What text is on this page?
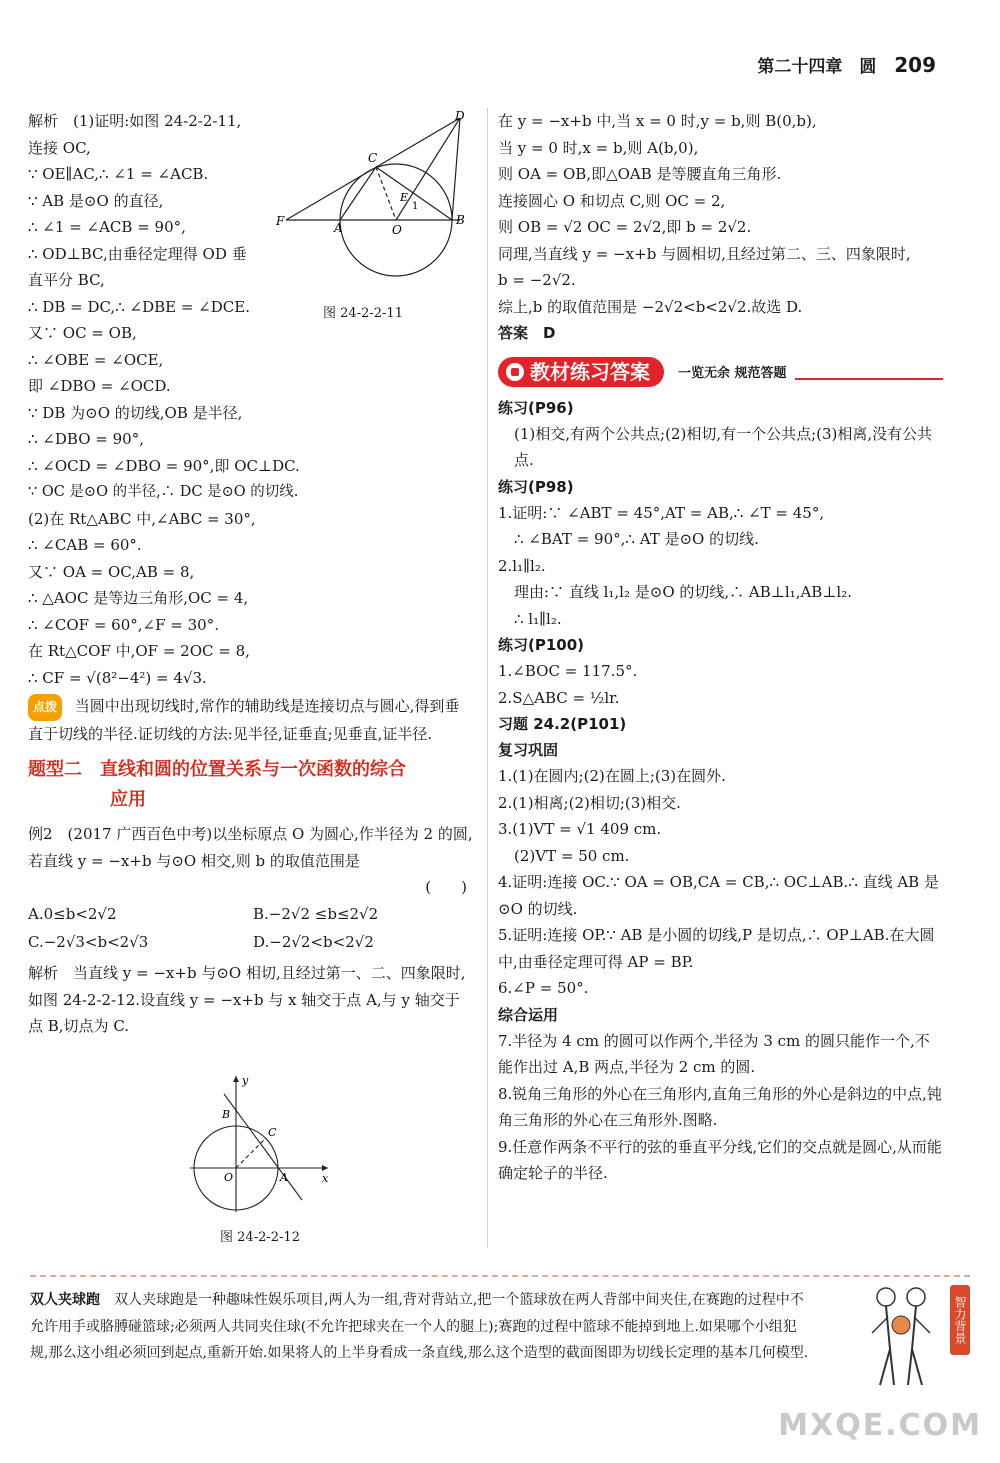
第二十四章　圆 209
解析　(1)证明:如图 24-2-2-11,
连接 OC,
∵ OE∥AC,∴ ∠1 = ∠ACB.
∵ AB 是⊙O 的直径,
∴ ∠1 = ∠ACB = 90°,
∴ OD⊥BC,由垂径定理得 OD 垂
直平分 BC,
∴ DB = DC,∴ ∠DBE = ∠DCE.
又∵ OC = OB,
∴ ∠OBE = ∠OCE,
即 ∠DBO = ∠OCD.
∵ DB 为⊙O 的切线,OB 是半径,
∴ ∠DBO = 90°,
∴ ∠OCD = ∠DBO = 90°,即 OC⊥DC.
∵ OC 是⊙O 的半径,∴ DC 是⊙O 的切线.
(2)在 Rt△ABC 中,∠ABC = 30°,
∴ ∠CAB = 60°.
又∵ OA = OC,AB = 8,
∴ △AOC 是等边三角形,OC = 4,
∴ ∠COF = 60°,∠F = 30°.
在 Rt△COF 中,OF = 2OC = 8,
∴ CF = √(8²−4²) = 4√3.
点拨 当圆中出现切线时,常作的辅助线是连接切点与圆心,得到垂直于切线的半径.证切线的方法:见半径,证垂直;见垂直,证半径.
题型二　直线和圆的位置关系与一次函数的综合
应用
例2　(2017 广西百色中考)以坐标原点 O 为圆心,作半径为 2 的圆,若直线 y = −x+b 与⊙O 相交,则 b 的取值范围是
(　　)
A.0≤b<2√2	B.−2√2 ≤b≤2√2
C.−2√3<b<2√3	D.−2√2<b<2√2
解析　当直线 y = −x+b 与⊙O 相切,且经过第一、二、四象限时,如图 24-2-2-12.设直线 y = −x+b 与 x 轴交于点 A,与 y 轴交于点 B,切点为 C.
D
C
E
1
F	A	O
B
图 24-2-2-11
y
B
C
O	A	x
图 24-2-2-12
在 y = −x+b 中,当 x = 0 时,y = b,则 B(0,b),
当 y = 0 时,x = b,则 A(b,0),
则 OA = OB,即△OAB 是等腰直角三角形.
连接圆心 O 和切点 C,则 OC = 2,
则 OB = √2 OC = 2√2,即 b = 2√2.
同理,当直线 y = −x+b 与圆相切,且经过第二、三、四象限时,
b = −2√2.
综上,b 的取值范围是 −2√2<b<2√2.故选 D.
答案　D
教材练习答案 一览无余 规范答题
练习(P96)
(1)相交,有两个公共点;(2)相切,有一个公共点;(3)相离,没有公共点.
练习(P98)
1.证明:∵ ∠ABT = 45°,AT = AB,∴ ∠T = 45°,
∴ ∠BAT = 90°,∴ AT 是⊙O 的切线.
2.l₁∥l₂.
理由:∵ 直线 l₁,l₂ 是⊙O 的切线,∴ AB⊥l₁,AB⊥l₂.
∴ l₁∥l₂.
练习(P100)
1.∠BOC = 117.5°.
2.S△ABC = ½lr.
习题 24.2(P101)
复习巩固
1.(1)在圆内;(2)在圆上;(3)在圆外.
2.(1)相离;(2)相切;(3)相交.
3.(1)VT = √1 409 cm.
(2)VT = 50 cm.
4.证明:连接 OC.∵ OA = OB,CA = CB,∴ OC⊥AB.∴ 直线 AB 是⊙O 的切线.
5.证明:连接 OP.∵ AB 是小圆的切线,P 是切点,∴ OP⊥AB.在大圆中,由垂径定理可得 AP = BP.
6.∠P = 50°.
综合运用
7.半径为 4 cm 的圆可以作两个,半径为 3 cm 的圆只能作一个,不能作出过 A,B 两点,半径为 2 cm 的圆.
8.锐角三角形的外心在三角形内,直角三角形的外心是斜边的中点,钝角三角形的外心在三角形外.图略.
9.任意作两条不平行的弦的垂直平分线,它们的交点就是圆心,从而能确定轮子的半径.
双人夹球跑 双人夹球跑是一种趣味性娱乐项目,两人为一组,背对背站立,把一个篮球放在两人背部中间夹住,在赛跑的过程中不允许用手或胳膊碰篮球;必须两人共同夹住球(不允许把球夹在一个人的腿上);赛跑的过程中篮球不能掉到地上.如果哪个小组犯规,那么这小组必须回到起点,重新开始.如果将人的上半身看成一条直线,那么这个造型的截面图即为切线长定理的基本几何模型.
智力背景
MXQE.COM
